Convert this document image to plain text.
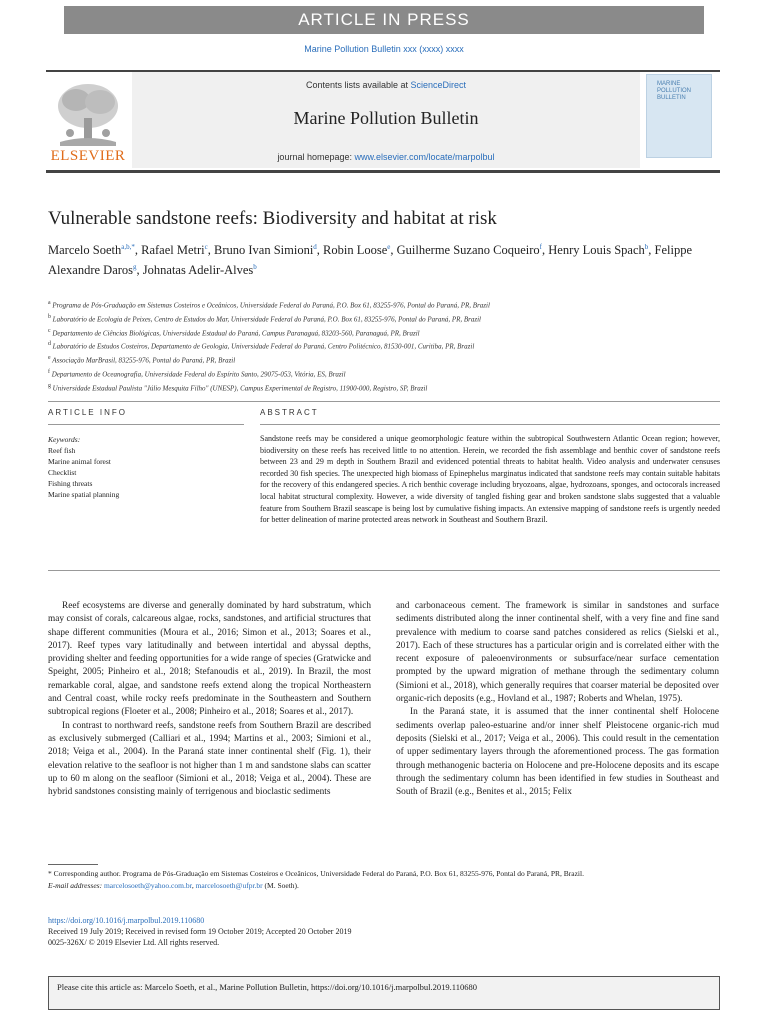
ARTICLE IN PRESS
Marine Pollution Bulletin xxx (xxxx) xxxx
ELSEVIER
Contents lists available at ScienceDirect
Marine Pollution Bulletin
journal homepage: www.elsevier.com/locate/marpolbul
MARINE POLLUTION BULLETIN
Vulnerable sandstone reefs: Biodiversity and habitat at risk
Marcelo Soeth$^{a,b,*}$, Rafael Metri$^c$, Bruno Ivan Simioni$^d$, Robin Loose$^e$, Guilherme Suzano Coqueiro$^f$, Henry Louis Spach$^b$, Felippe Alexandre Daros$^g$, Johnatas Adelir-Alves$^b$
$^a$ Programa de Pós-Graduação em Sistemas Costeiros e Oceânicos, Universidade Federal do Paraná, P.O. Box 61, 83255-976, Pontal do Paraná, PR, Brazil
$^b$ Laboratório de Ecologia de Peixes, Centro de Estudos do Mar, Universidade Federal do Paraná, P.O. Box 61, 83255-976, Pontal do Paraná, PR, Brazil
$^c$ Departamento de Ciências Biológicas, Universidade Estadual do Paraná, Campus Paranaguá, 83203-560, Paranaguá, PR, Brazil
$^d$ Laboratório de Estudos Costeiros, Departamento de Geologia, Universidade Federal do Paraná, Centro Politécnico, 81530-001, Curitiba, PR, Brazil
$^e$ Associação MarBrasil, 83255-976, Pontal do Paraná, PR, Brazil
$^f$ Departamento de Oceanografia, Universidade Federal do Espírito Santo, 29075-053, Vitória, ES, Brazil
$^g$ Universidade Estadual Paulista "Júlio Mesquita Filho" (UNESP), Campus Experimental de Registro, 11900-000, Registro, SP, Brazil
ARTICLE INFO	ABSTRACT
Keywords:
Reef fish
Marine animal forest
Checklist
Fishing threats
Marine spatial planning
Sandstone reefs may be considered a unique geomorphologic feature within the subtropical Southwestern Atlantic Ocean region; however, biodiversity on these reefs has received little to no attention. Herein, we recorded the fish assemblage and benthic cover of sandstone reefs between 23 and 29 m depth in Southern Brazil and evidenced potential threats to habitat health. Video analysis and underwater censuses recorded 30 fish species. The unexpected high biomass of Epinephelus marginatus indicated that sandstone reefs may contain suitable habitats for the recovery of this endangered species. A rich benthic coverage including bryozoans, algae, hydrozoans, sponges, and octocorals increased local habitat structural complexity. However, a wide diversity of tangled fishing gear and broken sandstone slabs suggested that a valuable feature from Southern Brazil seascape is being lost by cumulative fishing impacts. An extensive mapping of sandstone reefs is urgently needed for better delineation of marine protected areas network in Southeast and Southern Brazil.

Reef ecosystems are diverse and generally dominated by hard substratum, which may consist of corals, calcareous algae, rocks, sandstones, and artificial structures that shape different communities (Moura et al., 2016; Simon et al., 2013; Soares et al., 2017). Reef types vary latitudinally and between intertidal and abyssal depths, providing shelter and feeding opportunities for a wide range of species (Gratwicke and Speight, 2005; Pinheiro et al., 2018; Stefanoudis et al., 2019). In Brazil, the most remarkable coral, algae, and sandstone reefs extend along the tropical Northeastern and Central coast, while rocky reefs predominate in the Southeastern and Southern subtropical regions (Floeter et al., 2008; Pinheiro et al., 2018; Soares et al., 2017).

In contrast to northward reefs, sandstone reefs from Southern Brazil are described as exclusively submerged (Calliari et al., 1994; Martins et al., 2003; Simioni et al., 2018; Veiga et al., 2004). In the Paraná state inner continental shelf (Fig. 1), their elevation relative to the seafloor is not higher than 1 m and sandstone slabs can scatter up to 60 m along on the seafloor (Simioni et al., 2018; Veiga et al., 2004). These are hybrid sandstones consisting mainly of terrigenous and bioclastic sediments

and carbonaceous cement. The framework is similar in sandstones and surface sediments distributed along the inner continental shelf, with a very fine and fine sand prevalence with medium to coarse sand patches considered as relics (Sielski et al., 2017). Each of these structures has a particular origin and is correlated either with the recent exposure of paleoenvironments or subsurface/near surface cementation prompted by the upward migration of methane through the sedimentary column (Simioni et al., 2018), which generally requires that coarser material be deposited over organic-rich deposits (e.g., Hovland et al., 1987; Roberts and Whelan, 1975).

In the Paraná state, it is assumed that the inner continental shelf Holocene sediments overlap paleo-estuarine and/or inner shelf Pleistocene organic-rich mud deposits (Sielski et al., 2017; Veiga et al., 2006). This could result in the cementation of upper sedimentary layers through the aforementioned process. The gas formation through methanogenic bacteria on Holocene and pre-Holocene deposits and its escape through the sedimentary column has been identified in few studies in Southeast and South of Brazil (e.g., Benites et al., 2015; Felix

* Corresponding author. Programa de Pós-Graduação em Sistemas Costeiros e Oceânicos, Universidade Federal do Paraná, P.O. Box 61, 83255-976, Pontal do Paraná, PR, Brazil.
E-mail addresses: marcelosoeth@yahoo.com.br, marcelosoeth@ufpr.br (M. Soeth).
https://doi.org/10.1016/j.marpolbul.2019.110680
Received 19 July 2019; Received in revised form 19 October 2019; Accepted 20 October 2019
0025-326X/ © 2019 Elsevier Ltd. All rights reserved.
Please cite this article as: Marcelo Soeth, et al., Marine Pollution Bulletin, https://doi.org/10.1016/j.marpolbul.2019.110680
